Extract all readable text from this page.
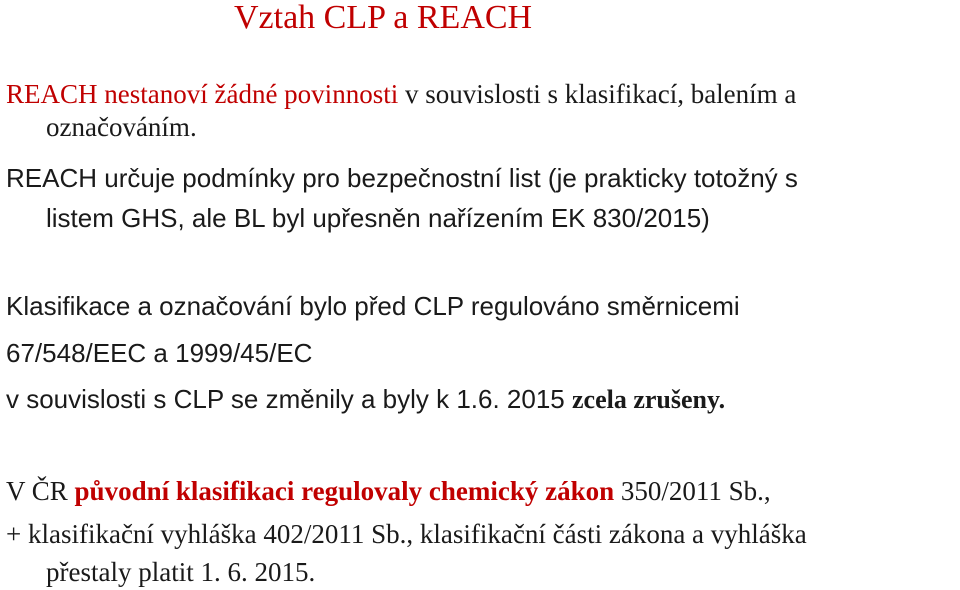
Vztah CLP a REACH
REACH nestanoví žádné povinnosti v souvislosti s klasifikací, balením a
označováním.
REACH určuje podmínky pro bezpečnostní list (je prakticky totožný s
listem GHS, ale BL byl upřesněn nařízením EK 830/2015)
Klasifikace a označování bylo před CLP regulováno směrnicemi
67/548/EEC a 1999/45/EC
v souvislosti s CLP se změnily a byly k 1.6. 2015 zcela zrušeny.
V ČR původní klasifikaci regulovaly chemický zákon 350/2011 Sb.,
+ klasifikační vyhláška 402/2011 Sb., klasifikační části zákona a vyhláška
přestaly platit 1. 6. 2015.
